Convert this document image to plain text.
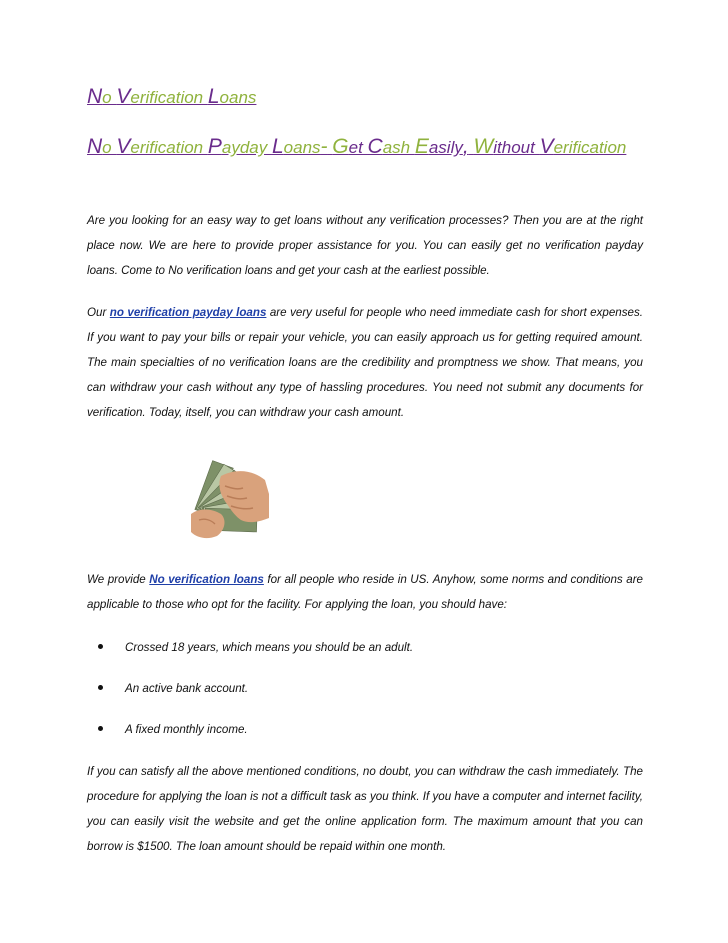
No Verification Loans
No Verification Payday Loans- Get Cash Easily, Without Verification

Are you looking for an easy way to get loans without any verification processes? Then you are at the right place now. We are here to provide proper assistance for you. You can easily get no verification payday loans. Come to No verification loans and get your cash at the earliest possible.

Our no verification payday loans are very useful for people who need immediate cash for short expenses. If you want to pay your bills or repair your vehicle, you can easily approach us for getting required amount. The main specialties of no verification loans are the credibility and promptness we show. That means, you can withdraw your cash without any type of hassling procedures. You need not submit any documents for verification. Today, itself, you can withdraw your cash amount.

We provide No verification loans for all people who reside in US. Anyhow, some norms and conditions are applicable to those who opt for the facility. For applying the loan, you should have:

Crossed 18 years, which means you should be an adult.
An active bank account.
A fixed monthly income.

If you can satisfy all the above mentioned conditions, no doubt, you can withdraw the cash immediately. The procedure for applying the loan is not a difficult task as you think. If you have a computer and internet facility, you can easily visit the website and get the online application form. The maximum amount that you can borrow is $1500. The loan amount should be repaid within one month.
